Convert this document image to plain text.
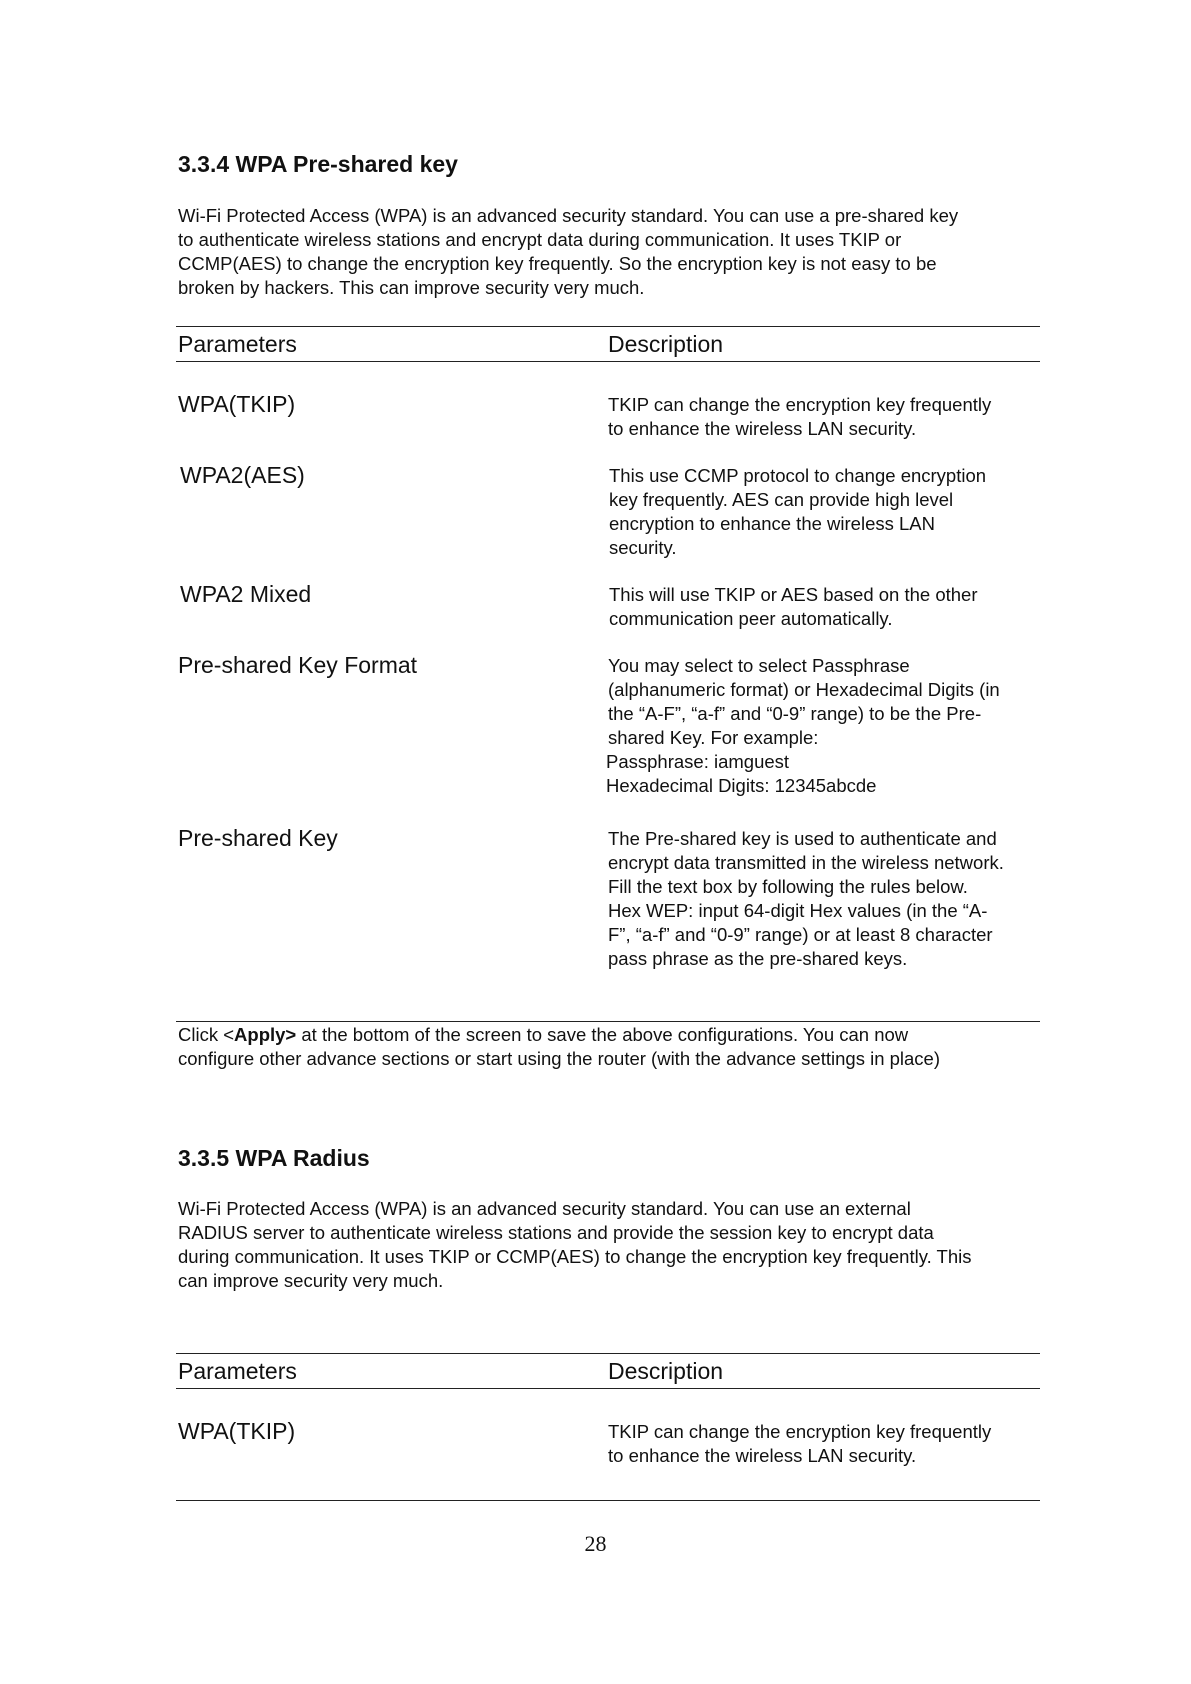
3.3.4 WPA Pre-shared key
Wi-Fi Protected Access (WPA) is an advanced security standard. You can use a pre-shared key
to authenticate wireless stations and encrypt data during communication. It uses TKIP or
CCMP(AES) to change the encryption key frequently. So the encryption key is not easy to be
broken by hackers. This can improve security very much.
Parameters	Description
WPA(TKIP)	TKIP can change the encryption key frequently
to enhance the wireless LAN security.
WPA2(AES)	This use CCMP protocol to change encryption
key frequently. AES can provide high level
encryption to enhance the wireless LAN
security.
WPA2 Mixed	This will use TKIP or AES based on the other
communication peer automatically.
Pre-shared Key Format	You may select to select Passphrase
(alphanumeric format) or Hexadecimal Digits (in
the “A-F”, “a-f” and “0-9” range) to be the Pre-
shared Key. For example:
Passphrase: iamguest
Hexadecimal Digits: 12345abcde
Pre-shared Key	The Pre-shared key is used to authenticate and
encrypt data transmitted in the wireless network.
Fill the text box by following the rules below.
Hex WEP: input 64-digit Hex values (in the “A-
F”, “a-f” and “0-9” range) or at least 8 character
pass phrase as the pre-shared keys.
Click <Apply> at the bottom of the screen to save the above configurations. You can now
configure other advance sections or start using the router (with the advance settings in place)
3.3.5 WPA Radius
Wi-Fi Protected Access (WPA) is an advanced security standard. You can use an external
RADIUS server to authenticate wireless stations and provide the session key to encrypt data
during communication. It uses TKIP or CCMP(AES) to change the encryption key frequently. This
can improve security very much.
Parameters	Description
WPA(TKIP)	TKIP can change the encryption key frequently
to enhance the wireless LAN security.
28
